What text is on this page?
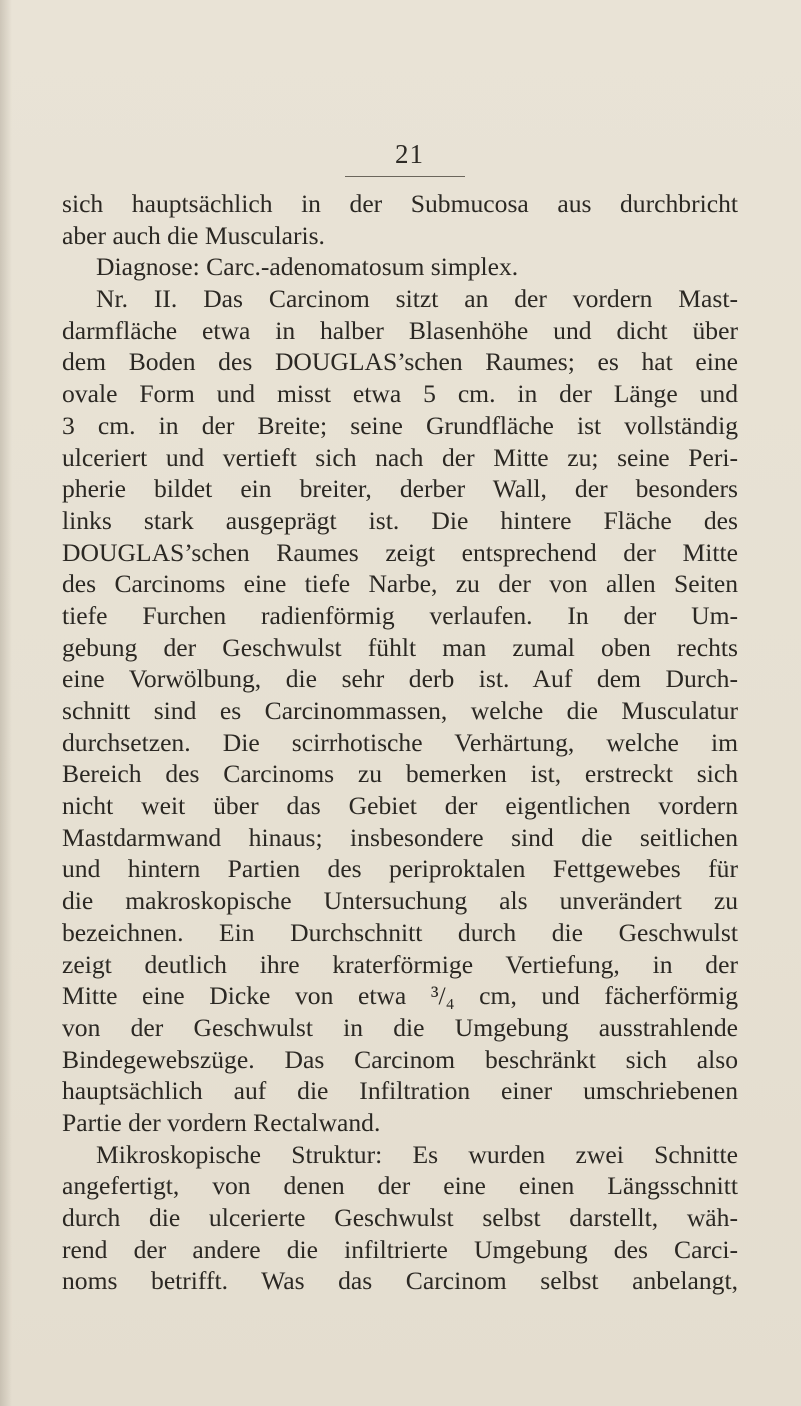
21
sich hauptsächlich in der Submucosa aus durchbricht
aber auch die Muscularis.
Diagnose: Carc.-adenomatosum simplex.
Nr. II. Das Carcinom sitzt an der vordern Mast-
darmfläche etwa in halber Blasenhöhe und dicht über
dem Boden des DOUGLAS’schen Raumes; es hat eine
ovale Form und misst etwa 5 cm. in der Länge und
3 cm. in der Breite; seine Grundfläche ist vollständig
ulceriert und vertieft sich nach der Mitte zu; seine Peri-
pherie bildet ein breiter, derber Wall, der besonders
links stark ausgeprägt ist. Die hintere Fläche des
DOUGLAS’schen Raumes zeigt entsprechend der Mitte
des Carcinoms eine tiefe Narbe, zu der von allen Seiten
tiefe Furchen radienförmig verlaufen. In der Um-
gebung der Geschwulst fühlt man zumal oben rechts
eine Vorwölbung, die sehr derb ist. Auf dem Durch-
schnitt sind es Carcinommassen, welche die Musculatur
durchsetzen. Die scirrhotische Verhärtung, welche im
Bereich des Carcinoms zu bemerken ist, erstreckt sich
nicht weit über das Gebiet der eigentlichen vordern
Mastdarmwand hinaus; insbesondere sind die seitlichen
und hintern Partien des periproktalen Fettgewebes für
die makroskopische Untersuchung als unverändert zu
bezeichnen. Ein Durchschnitt durch die Geschwulst
zeigt deutlich ihre kraterförmige Vertiefung, in der
Mitte eine Dicke von etwa ³/₄ cm, und fächerförmig
von der Geschwulst in die Umgebung ausstrahlende
Bindegewebszüge. Das Carcinom beschränkt sich also
hauptsächlich auf die Infiltration einer umschriebenen
Partie der vordern Rectalwand.
Mikroskopische Struktur: Es wurden zwei Schnitte
angefertigt, von denen der eine einen Längsschnitt
durch die ulcerierte Geschwulst selbst darstellt, wäh-
rend der andere die infiltrierte Umgebung des Carci-
noms betrifft. Was das Carcinom selbst anbelangt,
